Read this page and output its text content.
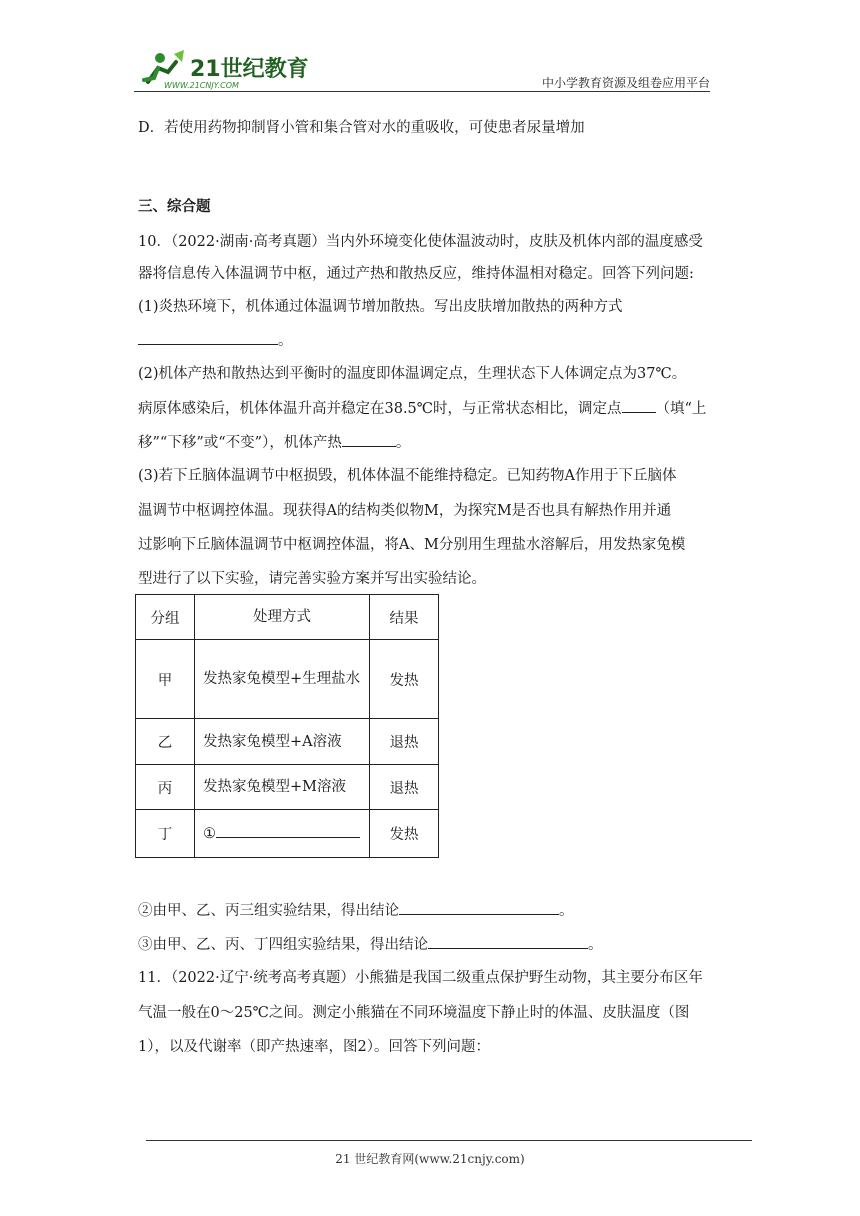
21世纪教育
WWW.21CNJY.COM	中小学教育资源及组卷应用平台
D．若使用药物抑制肾小管和集合管对水的重吸收，可使患者尿量增加
三、综合题
10．（2022·湖南·高考真题）当内外环境变化使体温波动时，皮肤及机体内部的温度感受
器将信息传入体温调节中枢，通过产热和散热反应，维持体温相对稳定。回答下列问题:
(1)炎热环境下，机体通过体温调节增加散热。写出皮肤增加散热的两种方式
。
(2)机体产热和散热达到平衡时的温度即体温调定点，生理状态下人体调定点为37℃。
病原体感染后，机体体温升高并稳定在38.5℃时，与正常状态相比，调定点 （填“上
移”“下移”或“不变”），机体产热	。
(3)若下丘脑体温调节中枢损毁，机体体温不能维持稳定。已知药物A作用于下丘脑体
温调节中枢调控体温。现获得A的结构类似物M，为探究M是否也具有解热作用并通
过影响下丘脑体温调节中枢调控体温，将A、M分别用生理盐水溶解后，用发热家兔模
型进行了以下实验，请完善实验方案并写出实验结论。
分组	处理方式	结果
甲	发热家兔模型+生理盐水	发热
乙	发热家兔模型+A溶液	退热
丙	发热家兔模型+M溶液	退热
丁	①	发热
②由甲、乙、丙三组实验结果，得出结论	。
③由甲、乙、丙、丁四组实验结果，得出结论	。
11．（2022·辽宁·统考高考真题）小熊猫是我国二级重点保护野生动物，其主要分布区年
气温一般在0～25℃之间。测定小熊猫在不同环境温度下静止时的体温、皮肤温度（图
1），以及代谢率（即产热速率，图2）。回答下列问题：
21 世纪教育网(www.21cnjy.com)
